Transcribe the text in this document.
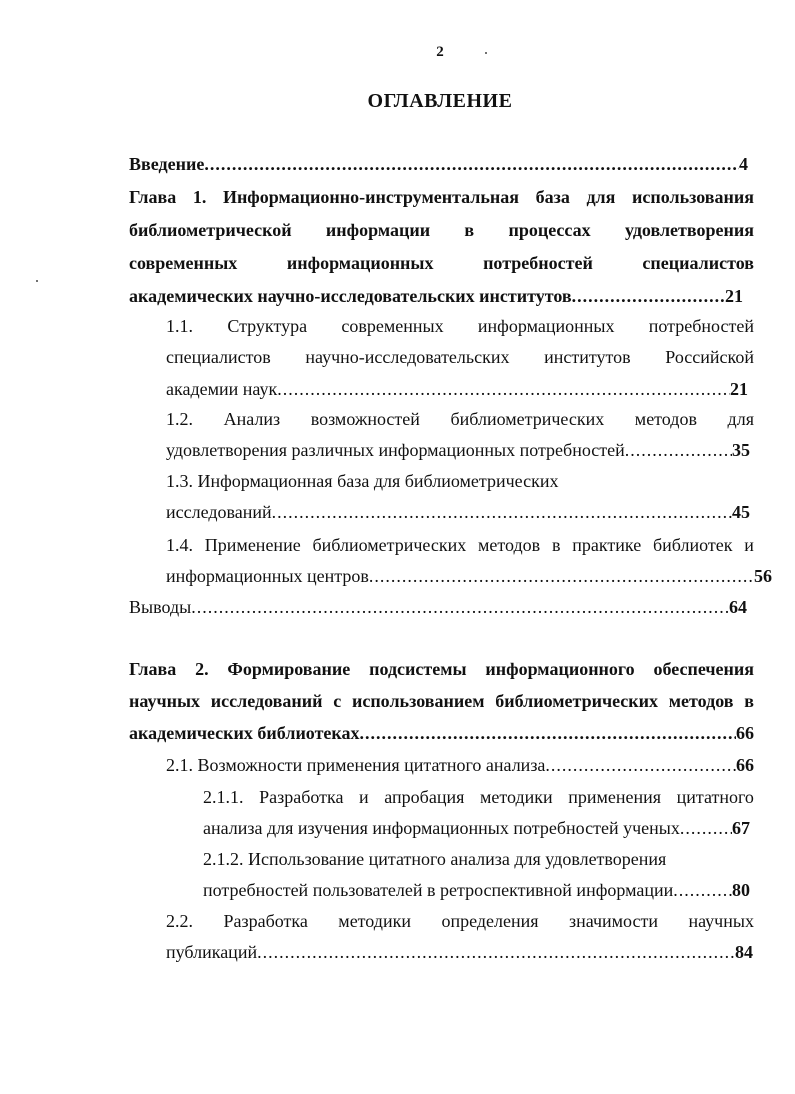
2
ОГЛАВЛЕНИЕ
Введение .....	4
Глава 1. Информационно-инструментальная база для использования
библиометрической информации в процессах удовлетворения
современных	информационных	потребностей	специалистов
академических научно-исследовательских институтов .....	21
1.1. Структура современных информационных потребностей
специалистов научно-исследовательских институтов Российской
академии наук .....	21
1.2. Анализ возможностей библиометрических методов для
удовлетворения различных информационных потребностей .....	35
1.3. Информационная база для библиометрических
исследований .....	45
1.4. Применение библиометрических методов в практике библиотек и
информационных центров .....	56
Выводы .....	64
Глава 2. Формирование подсистемы информационного обеспечения
научных исследований с использованием библиометрических методов в
академических библиотеках .....	66
2.1. Возможности применения цитатного анализа .....	66
2.1.1. Разработка и апробация методики применения цитатного
анализа для изучения информационных потребностей ученых .....	67
2.1.2. Использование цитатного анализа для удовлетворения
потребностей пользователей в ретроспективной информации .....	80
2.2. Разработка методики определения значимости научных
публикаций .....	84
